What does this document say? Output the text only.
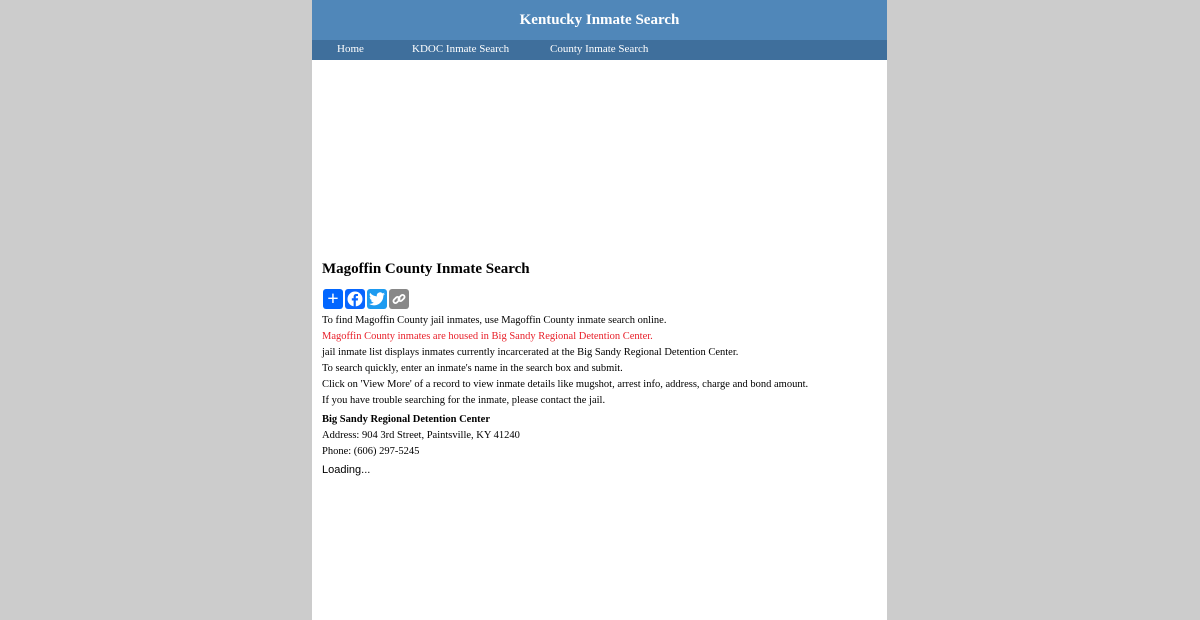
Kentucky Inmate Search
Home	KDOC Inmate Search	County Inmate Search
Magoffin County Inmate Search
+
To find Magoffin County jail inmates, use Magoffin County inmate search online.
Magoffin County inmates are housed in Big Sandy Regional Detention Center.
jail inmate list displays inmates currently incarcerated at the Big Sandy Regional Detention Center.
To search quickly, enter an inmate's name in the search box and submit.
Click on 'View More' of a record to view inmate details like mugshot, arrest info, address, charge and bond amount.
If you have trouble searching for the inmate, please contact the jail.
Big Sandy Regional Detention Center
Address: 904 3rd Street, Paintsville, KY 41240
Phone: (606) 297-5245
Loading...
